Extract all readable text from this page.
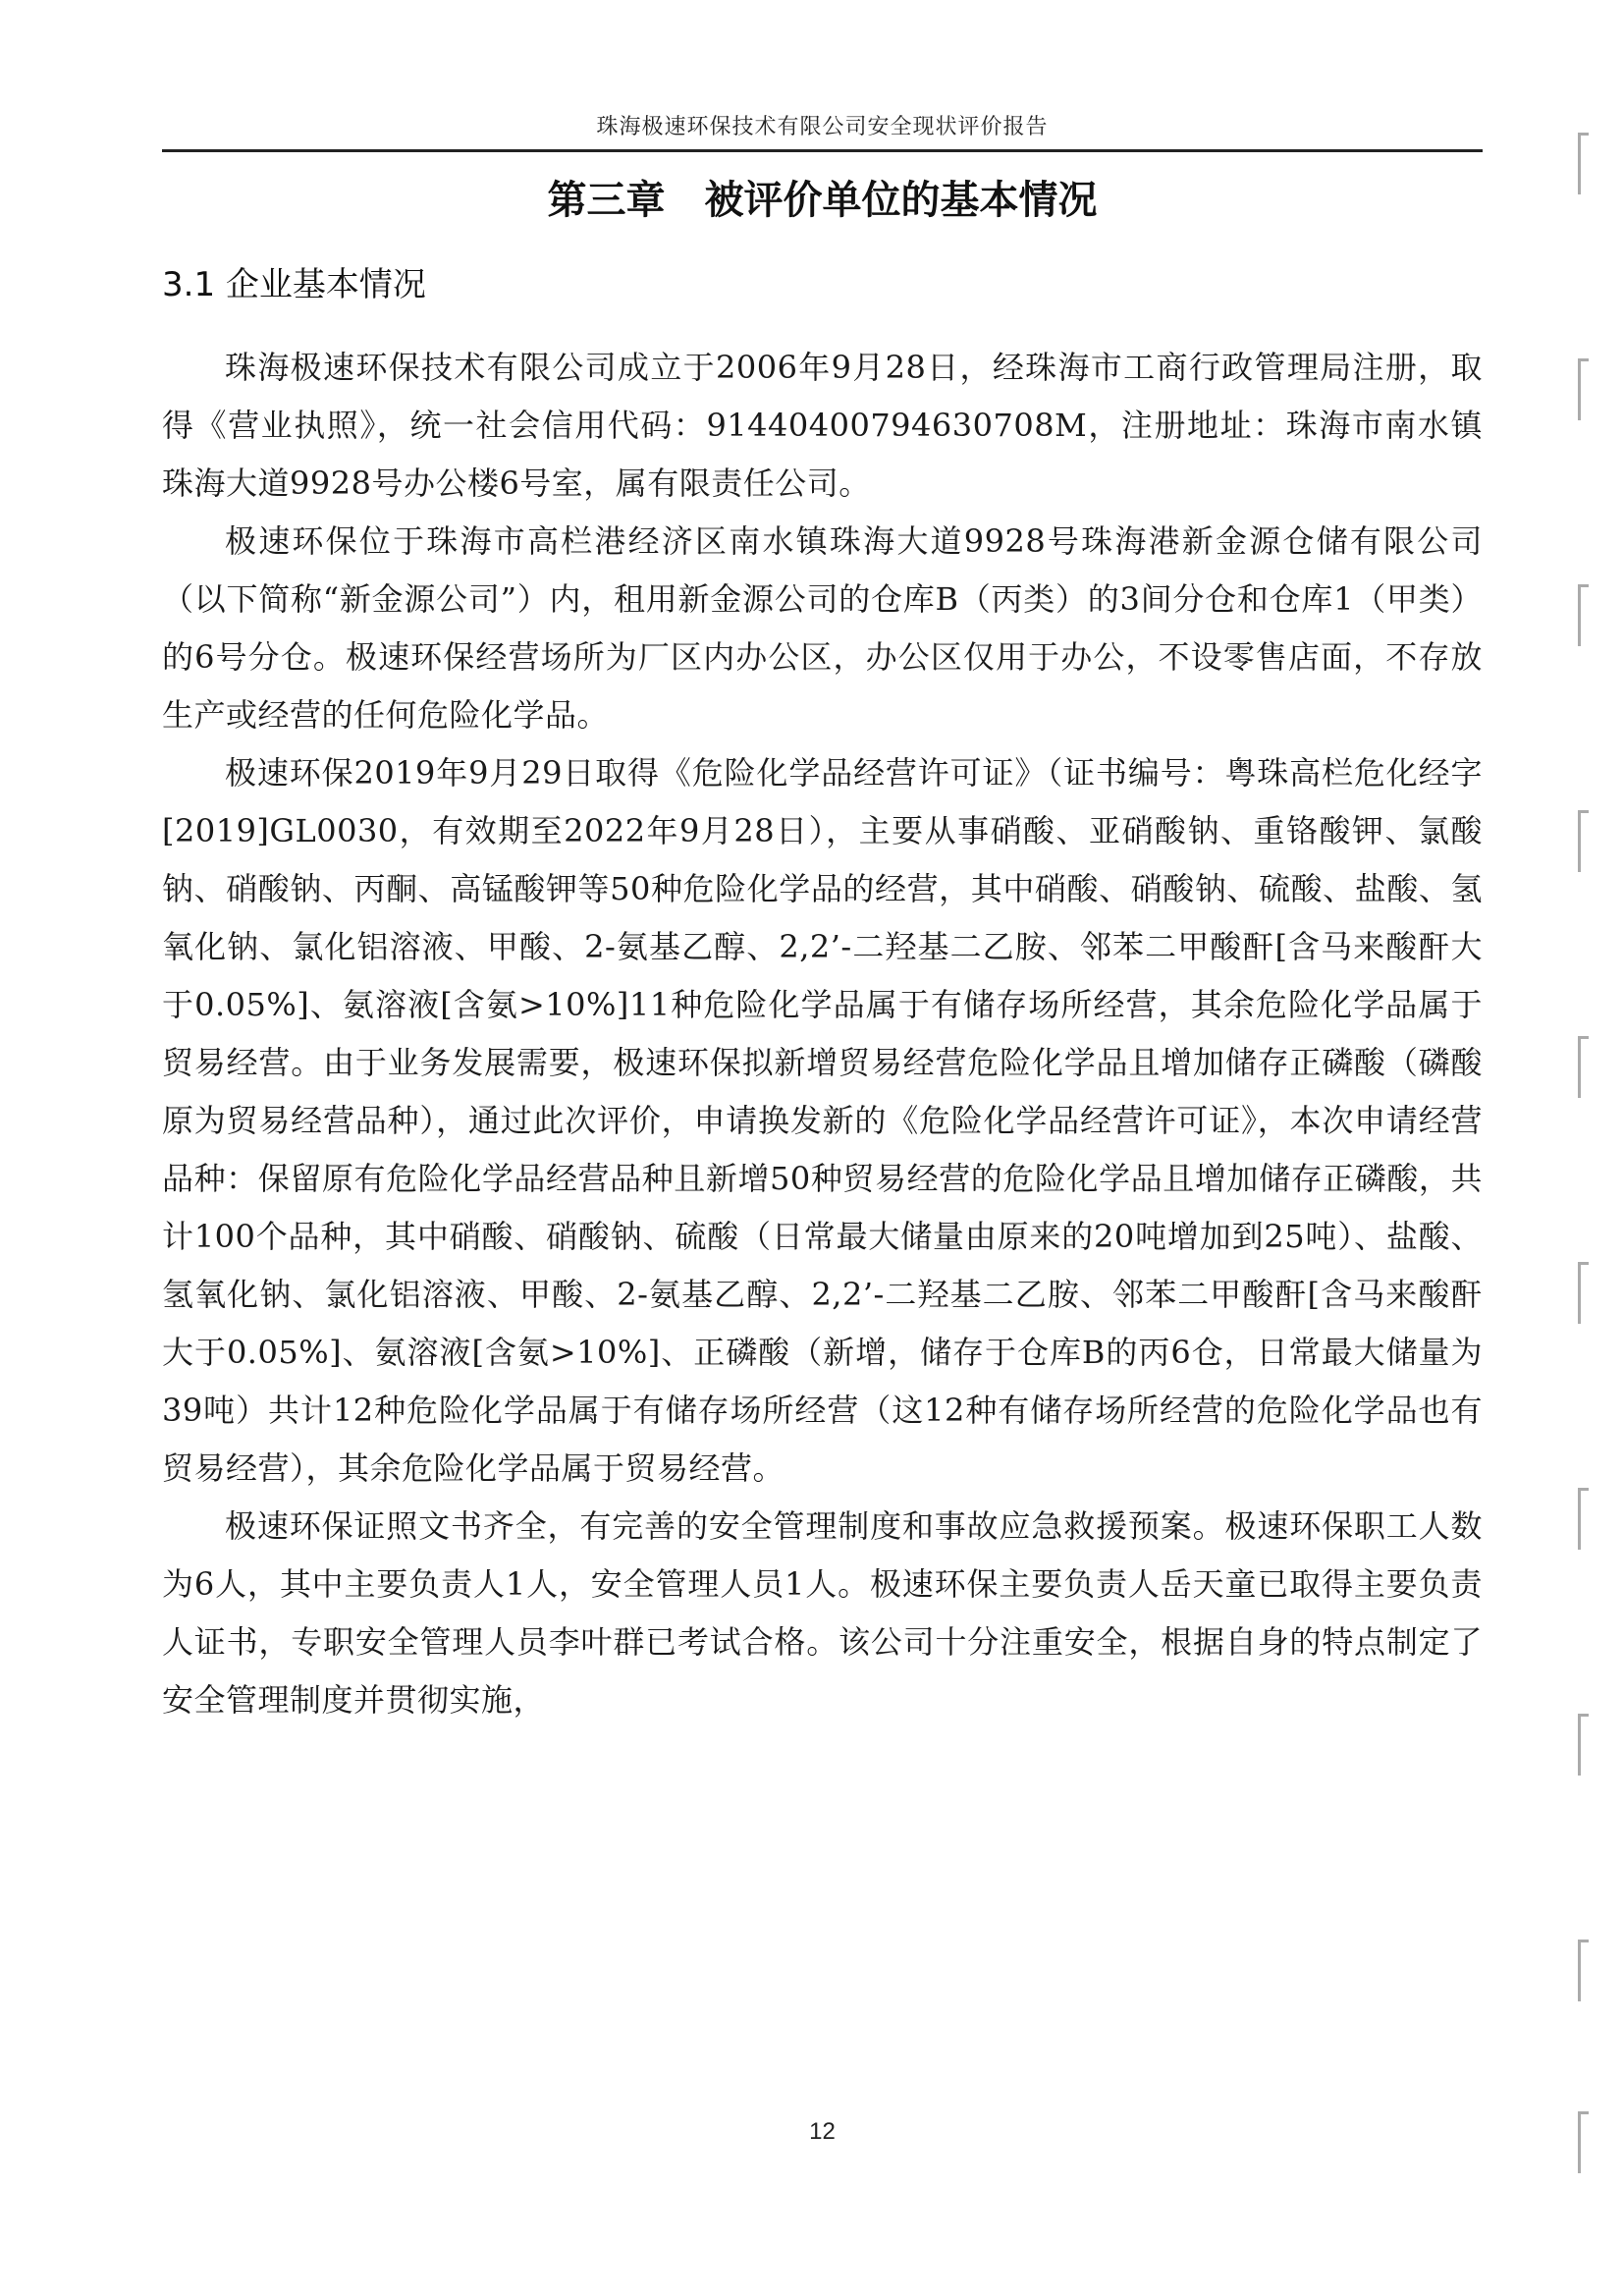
珠海极速环保技术有限公司安全现状评价报告
第三章　被评价单位的基本情况
3.1 企业基本情况

珠海极速环保技术有限公司成立于2006年9月28日，经珠海市工商行政管理局注册，取得《营业执照》，统一社会信用代码：91440400794630708M，注册地址：珠海市南水镇珠海大道9928号办公楼6号室，属有限责任公司。

极速环保位于珠海市高栏港经济区南水镇珠海大道9928号珠海港新金源仓储有限公司（以下简称“新金源公司”）内，租用新金源公司的仓库B（丙类）的3间分仓和仓库1（甲类）的6号分仓。极速环保经营场所为厂区内办公区，办公区仅用于办公，不设零售店面，不存放生产或经营的任何危险化学品。

极速环保2019年9月29日取得《危险化学品经营许可证》（证书编号：粤珠高栏危化经字[2019]GL0030，有效期至2022年9月28日），主要从事硝酸、亚硝酸钠、重铬酸钾、氯酸钠、硝酸钠、丙酮、高锰酸钾等50种危险化学品的经营，其中硝酸、硝酸钠、硫酸、盐酸、氢氧化钠、氯化铝溶液、甲酸、2-氨基乙醇、2,2’-二羟基二乙胺、邻苯二甲酸酐[含马来酸酐大于0.05%]、氨溶液[含氨>10%]11种危险化学品属于有储存场所经营，其余危险化学品属于贸易经营。由于业务发展需要，极速环保拟新增贸易经营危险化学品且增加储存正磷酸（磷酸原为贸易经营品种），通过此次评价，申请换发新的《危险化学品经营许可证》，本次申请经营品种：保留原有危险化学品经营品种且新增50种贸易经营的危险化学品且增加储存正磷酸，共计100个品种，其中硝酸、硝酸钠、硫酸（日常最大储量由原来的20吨增加到25吨）、盐酸、氢氧化钠、氯化铝溶液、甲酸、2-氨基乙醇、2,2’-二羟基二乙胺、邻苯二甲酸酐[含马来酸酐大于0.05%]、氨溶液[含氨>10%]、正磷酸（新增，储存于仓库B的丙6仓，日常最大储量为39吨）共计12种危险化学品属于有储存场所经营（这12种有储存场所经营的危险化学品也有贸易经营），其余危险化学品属于贸易经营。

极速环保证照文书齐全，有完善的安全管理制度和事故应急救援预案。极速环保职工人数为6人，其中主要负责人1人，安全管理人员1人。极速环保主要负责人岳天童已取得主要负责人证书，专职安全管理人员李叶群已考试合格。该公司十分注重安全，根据自身的特点制定了安全管理制度并贯彻实施，

12
